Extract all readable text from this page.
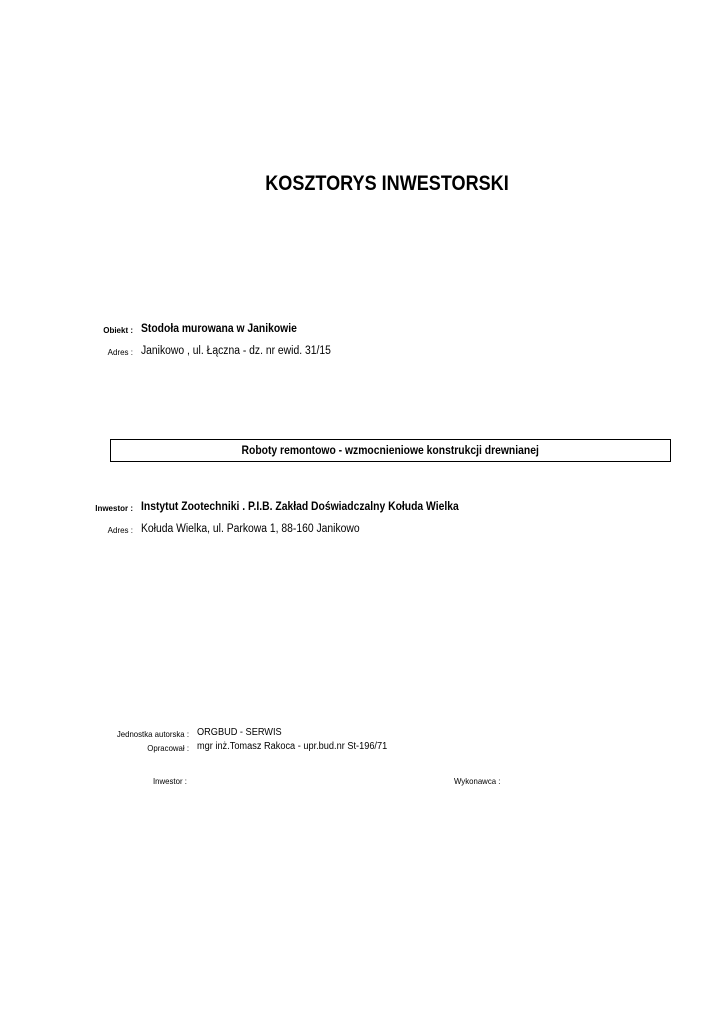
KOSZTORYS INWESTORSKI
Obiekt : Stodoła murowana w Janikowie
Adres : Janikowo , ul. Łączna - dz. nr ewid. 31/15
Roboty remontowo - wzmocnieniowe konstrukcji drewnianej
Inwestor : Instytut Zootechniki . P.I.B. Zakład Doświadczalny Kołuda Wielka
Adres : Kołuda Wielka, ul. Parkowa 1, 88-160 Janikowo
Jednostka autorska : ORGBUD - SERWIS
Opracował : mgr inż.Tomasz Rakoca - upr.bud.nr St-196/71
Inwestor :	Wykonawca :
